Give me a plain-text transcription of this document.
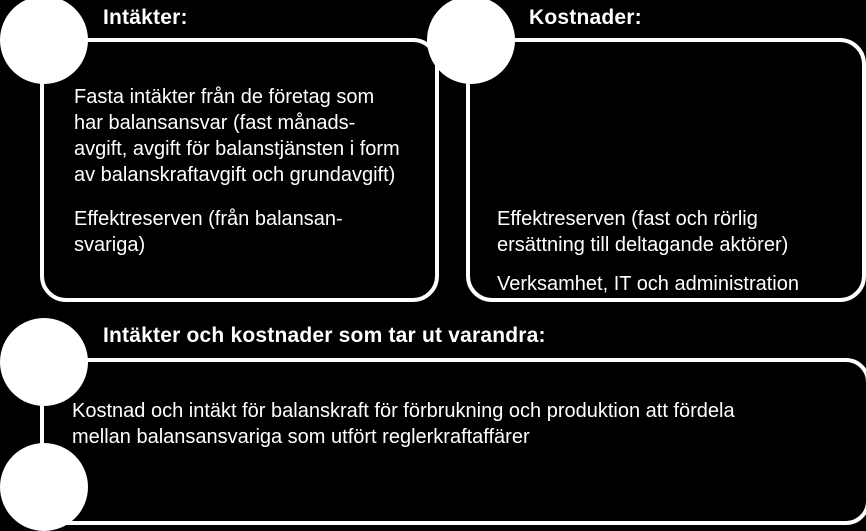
Intäkter:
Fasta intäkter från de företag som
har balansansvar (fast månads-
avgift, avgift för balanstjänsten i form
av balanskraftavgift och grundavgift)
Effektreserven (från balansan-
svariga)
Kostnader:
Effektreserven (fast och rörlig
ersättning till deltagande aktörer)
Verksamhet, IT och administration
Intäkter och kostnader som tar ut varandra:
Kostnad och intäkt för balanskraft för förbrukning och produktion att fördela
mellan balansansvariga som utfört reglerkraftaffärer
